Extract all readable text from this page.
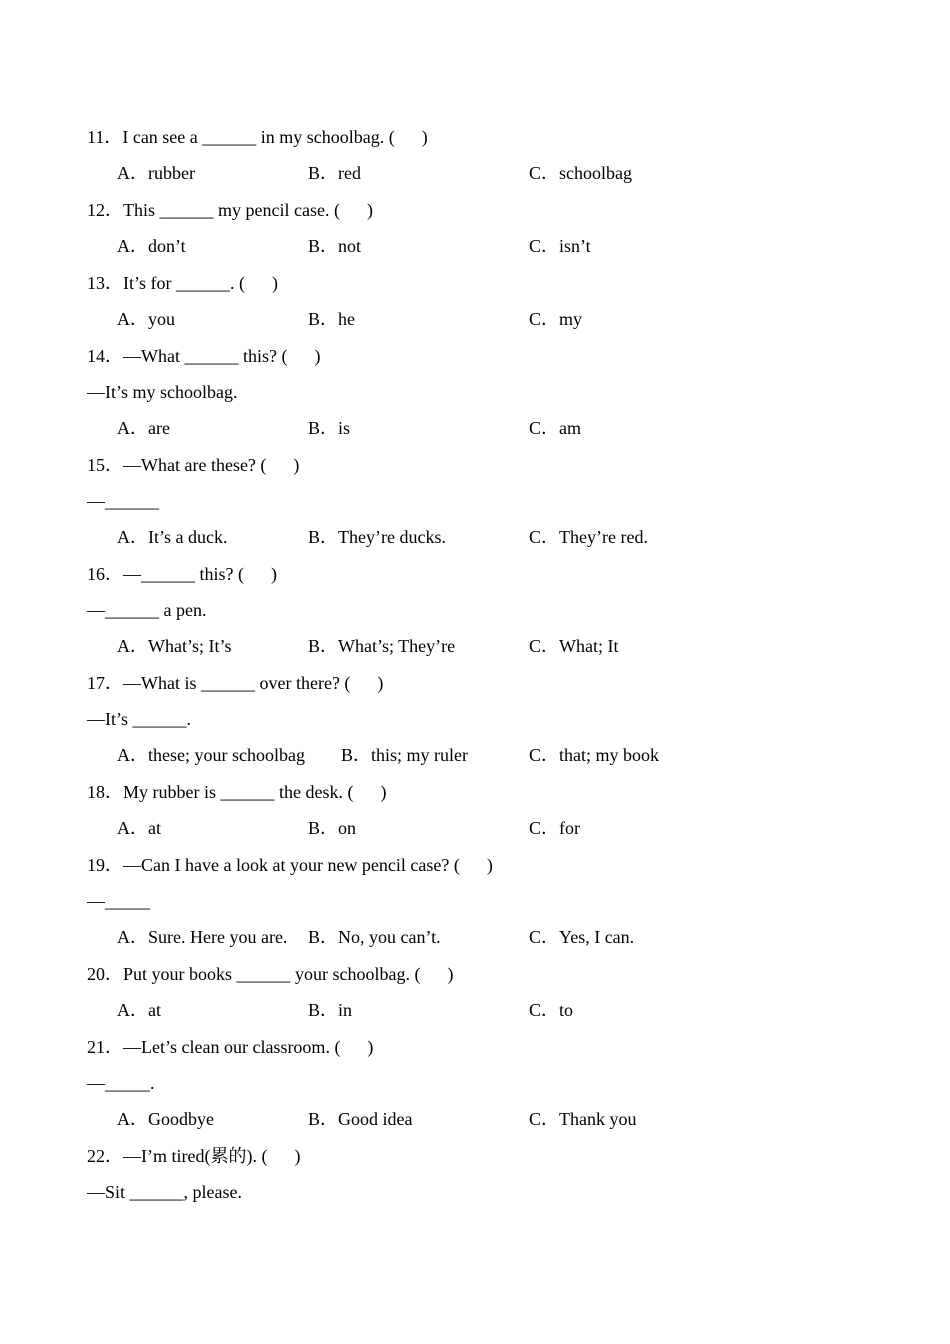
11．I can see a ______ in my schoolbag. (      )
A．rubber	B．red	C．schoolbag
12．This ______ my pencil case. (      )
A．don’t	B．not	C．isn’t
13．It’s for ______. (      )
A．you	B．he	C．my
14．—What ______ this? (      )
—It’s my schoolbag.
A．are	B．is	C．am
15．—What are these? (      )
—______
A．It’s a duck.	B．They’re ducks.	C．They’re red.
16．—______ this? (      )
—______ a pen.
A．What’s; It’s	B．What’s; They’re	C．What; It
17．—What is ______ over there? (      )
—It’s ______.
A．these; your schoolbag B．this; my ruler	C．that; my book
18．My rubber is ______ the desk. (      )
A．at	B．on	C．for
19．—Can I have a look at your new pencil case? (      )
—_____
A．Sure. Here you are. B．No, you can’t.	C．Yes, I can.
20．Put your books ______ your schoolbag. (      )
A．at	B．in	C．to
21．—Let’s clean our classroom. (      )
—_____.
A．Goodbye	B．Good idea	C．Thank you
22．—I’m tired(累的). (      )
—Sit ______, please.
